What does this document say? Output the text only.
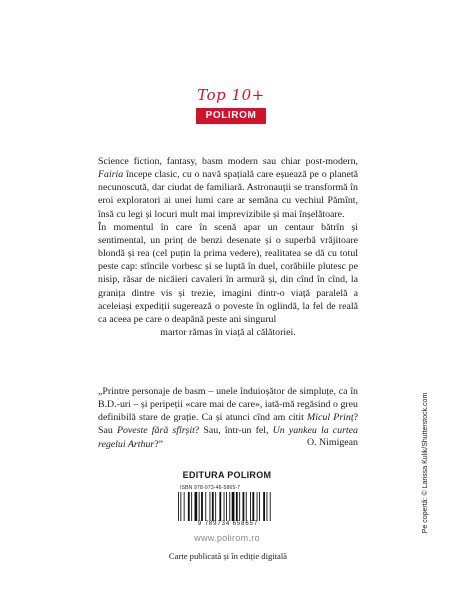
Top 10+
POLIROM

Science fiction, fantasy, basm modern sau chiar post-modern, Fairia începe clasic, cu o navă spațială care eșuează pe o planetă necunoscută, dar ciudat de familiară. Astronauții se transformă în eroi exploratori ai unei lumi care ar semăna cu vechiul Pămînt, însă cu legi și locuri mult mai imprevizibile și mai înșelătoare.

În momentul în care în scenă apar un centaur bătrîn și sentimental, un prinț de benzi desenate și o superbă vrăjitoare blondă și rea (cel puțin la prima vedere), realitatea se dă cu totul peste cap: stîncile vorbesc și se luptă în duel, corăbiile plutesc pe nisip, răsar de nicăieri cavaleri în armură și, din cînd în cînd, la granița dintre vis și trezie, imagini dintr-o viață paralelă a aceleiași expediții sugerează o poveste în oglindă, la fel de reală ca aceea pe care o deapănă peste ani singurul

martor rămas în viață al călătoriei.

„Printre personaje de basm – unele înduioșător de simpluțe, ca în B.D.-uri – și peripeții «care mai de care», iată-mă regăsind o greu definibilă stare de grație. Ca și atunci cînd am citit Micul Prinț? Sau Poveste fără sfîrșit? Sau, într-un fel, Un yankeu la curtea regelui Arthur?”	O. Nimigean
EDITURA POLIROM
ISBN 978-973-46-5865-7
9 789734 658657
www.polirom.ro
Carte publicată și în ediție digitală
Pe copertă: © Larissa Kulik/Shutterstock.com
